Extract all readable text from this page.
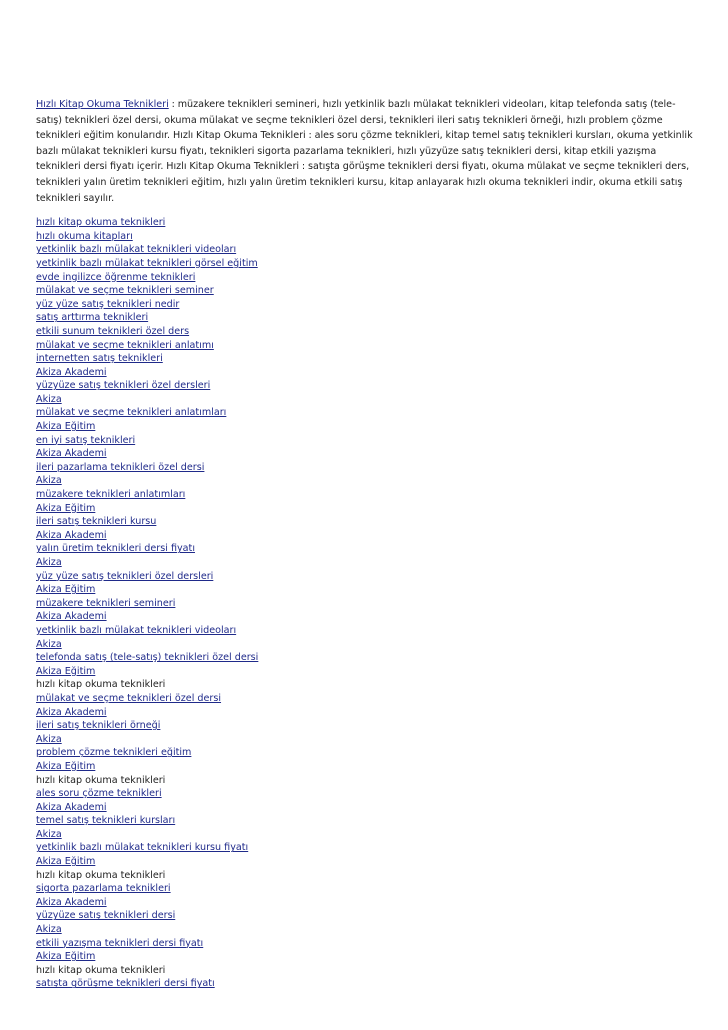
Hızlı Kitap Okuma Teknikleri : müzakere teknikleri semineri, hızlı yetkinlik bazlı mülakat teknikleri videoları, kitap telefonda satış (tele-satış) teknikleri özel dersi, okuma mülakat ve seçme teknikleri özel dersi, teknikleri ileri satış teknikleri örneği, hızlı problem çözme teknikleri eğitim konularıdır. Hızlı Kitap Okuma Teknikleri : ales soru çözme teknikleri, kitap temel satış teknikleri kursları, okuma yetkinlik bazlı mülakat teknikleri kursu fiyatı, teknikleri sigorta pazarlama teknikleri, hızlı yüzyüze satış teknikleri dersi, kitap etkili yazışma teknikleri dersi fiyatı içerir. Hızlı Kitap Okuma Teknikleri : satışta görüşme teknikleri dersi fiyatı, okuma mülakat ve seçme teknikleri ders, teknikleri yalın üretim teknikleri eğitim, hızlı yalın üretim teknikleri kursu, kitap anlayarak hızlı okuma teknikleri indir, okuma etkili satış teknikleri sayılır.

hızlı kitap okuma teknikleri
hızlı okuma kitapları
yetkinlik bazlı mülakat teknikleri videoları
yetkinlik bazlı mülakat teknikleri görsel eğitim
evde ingilizce öğrenme teknikleri
mülakat ve seçme teknikleri seminer
yüz yüze satış teknikleri nedir
satış arttırma teknikleri
etkili sunum teknikleri özel ders
mülakat ve seçme teknikleri anlatımı
internetten satış teknikleri
Akiza Akademi
yüzyüze satış teknikleri özel dersleri
Akiza
mülakat ve seçme teknikleri anlatımları
Akiza Eğitim
en iyi satış teknikleri
Akiza Akademi
ileri pazarlama teknikleri özel dersi
Akiza
müzakere teknikleri anlatımları
Akiza Eğitim
ileri satış teknikleri kursu
Akiza Akademi
yalın üretim teknikleri dersi fiyatı
Akiza
yüz yüze satış teknikleri özel dersleri
Akiza Eğitim
müzakere teknikleri semineri
Akiza Akademi
yetkinlik bazlı mülakat teknikleri videoları
Akiza
telefonda satış (tele-satış) teknikleri özel dersi
Akiza Eğitim
hızlı kitap okuma teknikleri
mülakat ve seçme teknikleri özel dersi
Akiza Akademi
ileri satış teknikleri örneği
Akiza
problem çözme teknikleri eğitim
Akiza Eğitim
hızlı kitap okuma teknikleri
ales soru çözme teknikleri
Akiza Akademi
temel satış teknikleri kursları
Akiza
yetkinlik bazlı mülakat teknikleri kursu fiyatı
Akiza Eğitim
hızlı kitap okuma teknikleri
sigorta pazarlama teknikleri
Akiza Akademi
yüzyüze satış teknikleri dersi
Akiza
etkili yazışma teknikleri dersi fiyatı
Akiza Eğitim
hızlı kitap okuma teknikleri
satışta görüşme teknikleri dersi fiyatı
